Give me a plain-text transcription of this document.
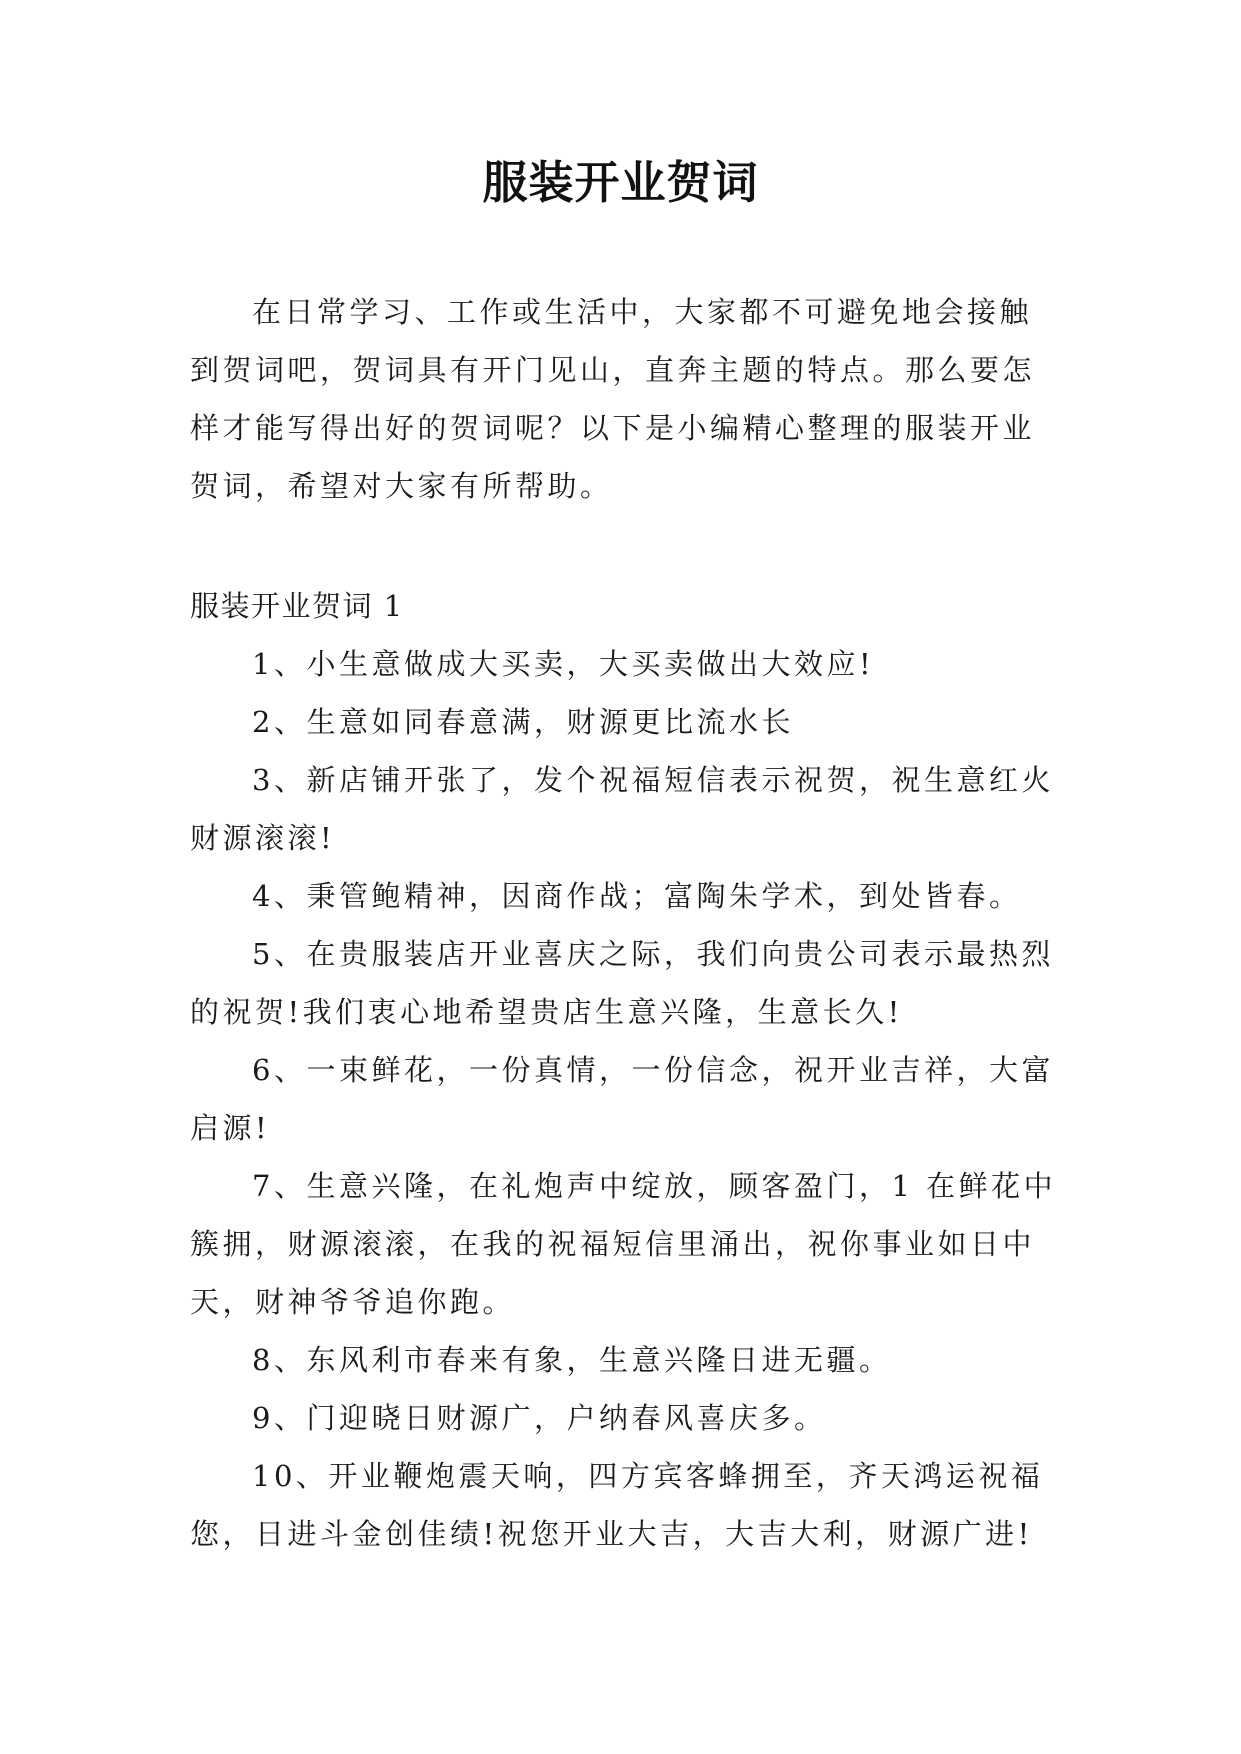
服装开业贺词

在日常学习、工作或生活中，大家都不可避免地会接触到贺词吧，贺词具有开门见山，直奔主题的特点。那么要怎样才能写得出好的贺词呢？以下是小编精心整理的服装开业贺词，希望对大家有所帮助。

服装开业贺词 1

1、小生意做成大买卖，大买卖做出大效应!

2、生意如同春意满，财源更比流水长

3、新店铺开张了，发个祝福短信表示祝贺，祝生意红火财源滚滚!

4、秉管鲍精神，因商作战；富陶朱学术，到处皆春。

5、在贵服装店开业喜庆之际，我们向贵公司表示最热烈的祝贺!我们衷心地希望贵店生意兴隆，生意长久!

6、一束鲜花，一份真情，一份信念，祝开业吉祥，大富启源!

7、生意兴隆，在礼炮声中绽放，顾客盈门，1 在鲜花中簇拥，财源滚滚，在我的祝福短信里涌出，祝你事业如日中天，财神爷爷追你跑。

8、东风利市春来有象，生意兴隆日进无疆。

9、门迎晓日财源广，户纳春风喜庆多。

10、开业鞭炮震天响，四方宾客蜂拥至，齐天鸿运祝福您，日进斗金创佳绩!祝您开业大吉，大吉大利，财源广进!
